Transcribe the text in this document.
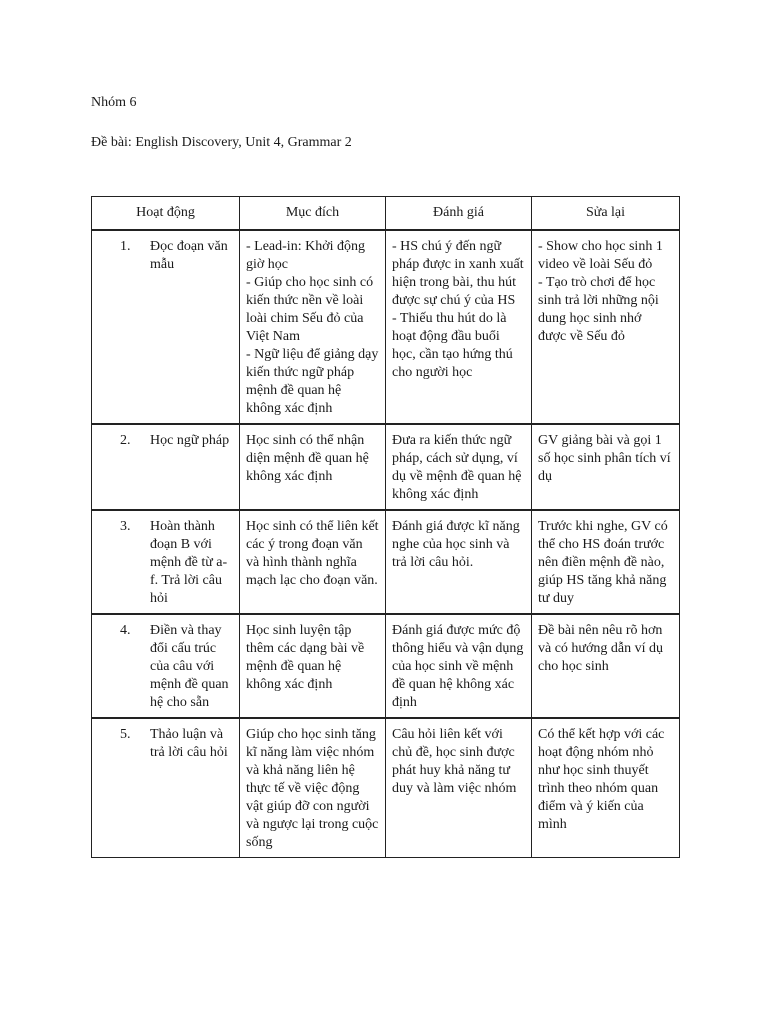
Nhóm 6

Đề bài: English Discovery, Unit 4, Grammar 2

Hoạt động	Mục đích	Đánh giá	Sửa lại

1. Đọc đoạn văn mẫu	- Lead-in: Khởi động giờ học
- Giúp cho học sinh có kiến thức nền về loài loài chim Sếu đỏ của Việt Nam
- Ngữ liệu để giảng dạy kiến thức ngữ pháp mệnh đề quan hệ không xác định	- HS chú ý đến ngữ pháp được in xanh xuất hiện trong bài, thu hút được sự chú ý của HS
- Thiếu thu hút do là hoạt động đầu buổi học, cần tạo hứng thú cho người học	- Show cho học sinh 1 video về loài Sếu đỏ
- Tạo trò chơi để học sinh trả lời những nội dung học sinh nhớ được về Sếu đỏ

2. Học ngữ pháp	Học sinh có thể nhận diện mệnh đề quan hệ không xác định	Đưa ra kiến thức ngữ pháp, cách sử dụng, ví dụ về mệnh đề quan hệ không xác định	GV giảng bài và gọi 1 số học sinh phân tích ví dụ

3. Hoàn thành đoạn B với mệnh đề từ a-f. Trả lời câu hỏi	Học sinh có thể liên kết các ý trong đoạn văn và hình thành nghĩa mạch lạc cho đoạn văn.	Đánh giá được kĩ năng nghe của học sinh và trả lời câu hỏi.	Trước khi nghe, GV có thể cho HS đoán trước nên điền mệnh đề nào, giúp HS tăng khả năng tư duy

4. Điền và thay đổi cấu trúc của câu với mệnh đề quan hệ cho sẵn	Học sinh luyện tập thêm các dạng bài về mệnh đề quan hệ không xác định	Đánh giá được mức độ thông hiểu và vận dụng của học sinh về mệnh đề quan hệ không xác định	Đề bài nên nêu rõ hơn và có hướng dẫn ví dụ cho học sinh

5. Thảo luận và trả lời câu hỏi	Giúp cho học sinh tăng kĩ năng làm việc nhóm và khả năng liên hệ thực tế về việc động vật giúp đỡ con người và ngược lại trong cuộc sống	Câu hỏi liên kết với chủ đề, học sinh được phát huy khả năng tư duy và làm việc nhóm	Có thể kết hợp với các hoạt động nhóm nhỏ như học sinh thuyết trình theo nhóm quan điểm và ý kiến của mình
